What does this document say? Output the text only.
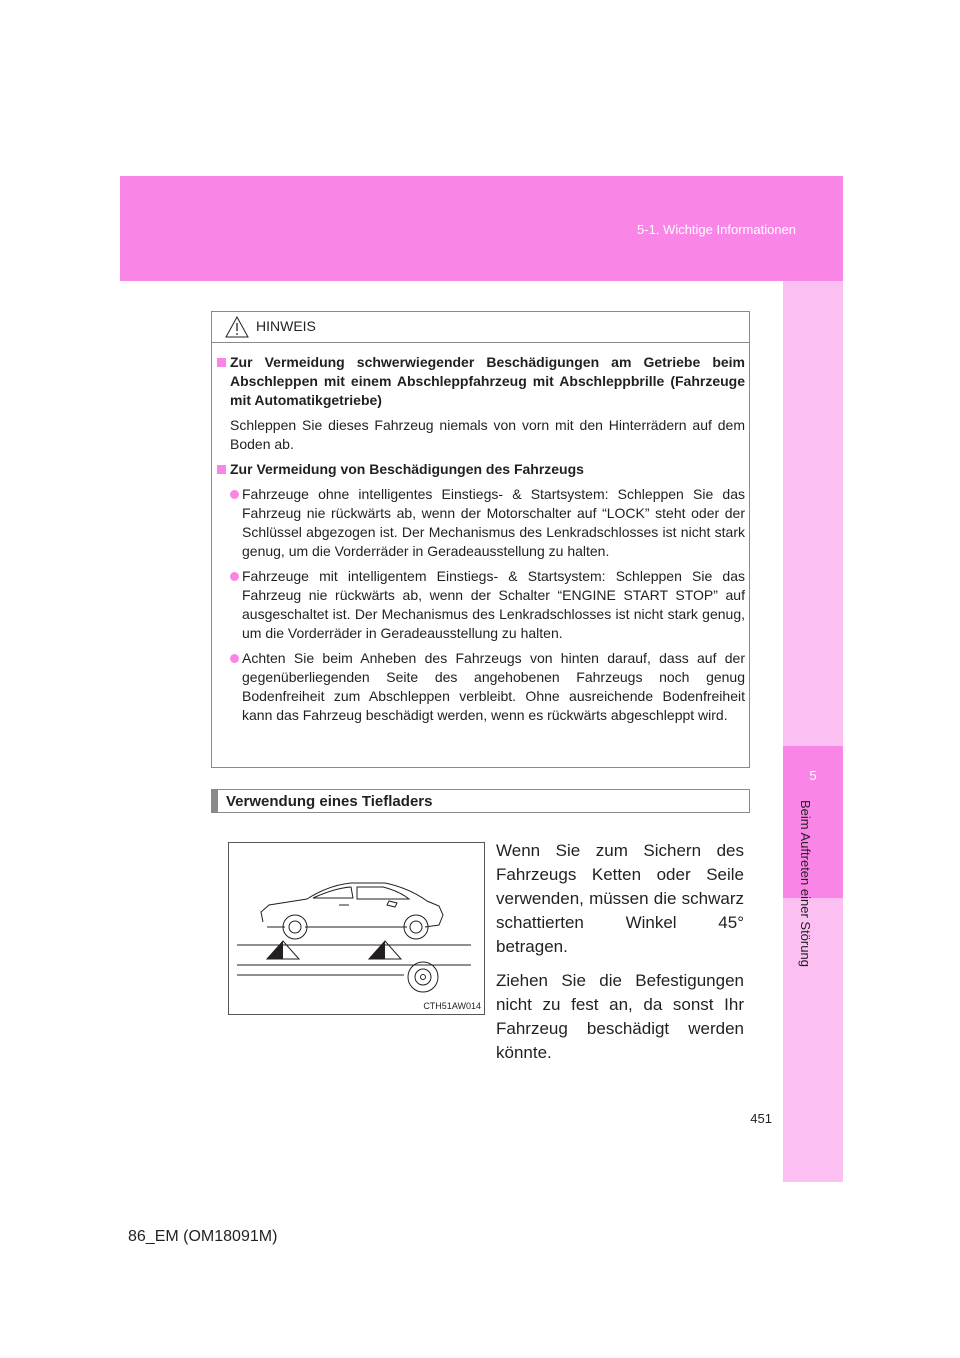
5-1. Wichtige Informationen
5
Beim Auftreten einer Störung
HINWEIS
Zur Vermeidung schwerwiegender Beschädigungen am Getriebe beim Abschleppen mit einem Abschleppfahrzeug mit Abschleppbrille (Fahrzeuge mit Automatikgetriebe)
Schleppen Sie dieses Fahrzeug niemals von vorn mit den Hinterrädern auf dem Boden ab.
Zur Vermeidung von Beschädigungen des Fahrzeugs
Fahrzeuge ohne intelligentes Einstiegs- & Startsystem: Schleppen Sie das Fahrzeug nie rückwärts ab, wenn der Motorschalter auf “LOCK” steht oder der Schlüssel abgezogen ist. Der Mechanismus des Lenkradschlosses ist nicht stark genug, um die Vorderräder in Geradeausstellung zu halten.
Fahrzeuge mit intelligentem Einstiegs- & Startsystem: Schleppen Sie das Fahrzeug nie rückwärts ab, wenn der Schalter “ENGINE START STOP” auf ausgeschaltet ist. Der Mechanismus des Lenkradschlosses ist nicht stark genug, um die Vorderräder in Geradeausstellung zu halten.
Achten Sie beim Anheben des Fahrzeugs von hinten darauf, dass auf der gegenüberliegenden Seite des angehobenen Fahrzeugs noch genug Bodenfreiheit zum Abschleppen verbleibt. Ohne ausreichende Bodenfreiheit kann das Fahrzeug beschädigt werden, wenn es rückwärts abgeschleppt wird.
Verwendung eines Tiefladers
CTH51AW014

Wenn Sie zum Sichern des Fahrzeugs Ketten oder Seile verwenden, müssen die schwarz schattierten Winkel 45° betragen.

Ziehen Sie die Befestigungen nicht zu fest an, da sonst Ihr Fahrzeug beschädigt werden könnte.

451
86_EM (OM18091M)
